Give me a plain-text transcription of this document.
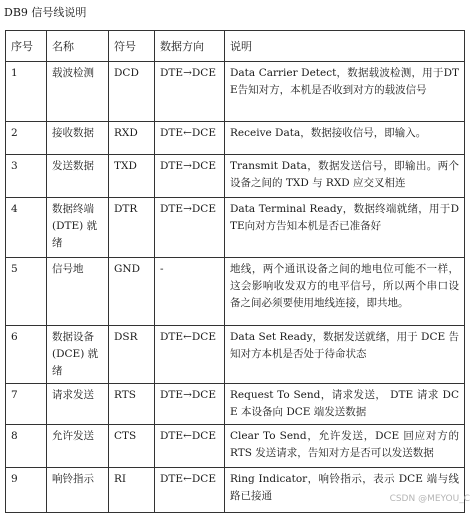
DB9 信号线说明
序号	名称	符号	数据方向	说明
1	载波检测	DCD	DTE→DCE	Data Carrier Detect，数据载波检测，用于DTE告知对方，本机是否收到对方的载波信号
2	接收数据	RXD	DTE←DCE	Receive Data，数据接收信号，即输入。
3	发送数据	TXD	DTE→DCE	Transmit Data，数据发送信号，即输出。两个设备之间的 TXD 与 RXD 应交叉相连
4	数据终端(DTE) 就绪	DTR	DTE→DCE	Data Terminal Ready，数据终端就绪，用于DTE向对方告知本机是否已准备好
5	信号地	GND	-	地线，两个通讯设备之间的地电位可能不一样，这会影响收发双方的电平信号，所以两个串口设备之间必须要使用地线连接，即共地。
6	数据设备(DCE) 就绪	DSR	DTE←DCE	Data Set Ready，数据发送就绪，用于 DCE 告知对方本机是否处于待命状态
7	请求发送	RTS	DTE→DCE	Request To Send，请求发送， DTE 请求 DCE 本设备向 DCE 端发送数据
8	允许发送	CTS	DTE←DCE	Clear To Send，允许发送，DCE 回应对方的 RTS 发送请求，告知对方是否可以发送数据
9	响铃指示	RI	DTE←DCE	Ring Indicator，响铃指示，表示 DCE 端与线路已接通	CSDN @MEYOU_C
